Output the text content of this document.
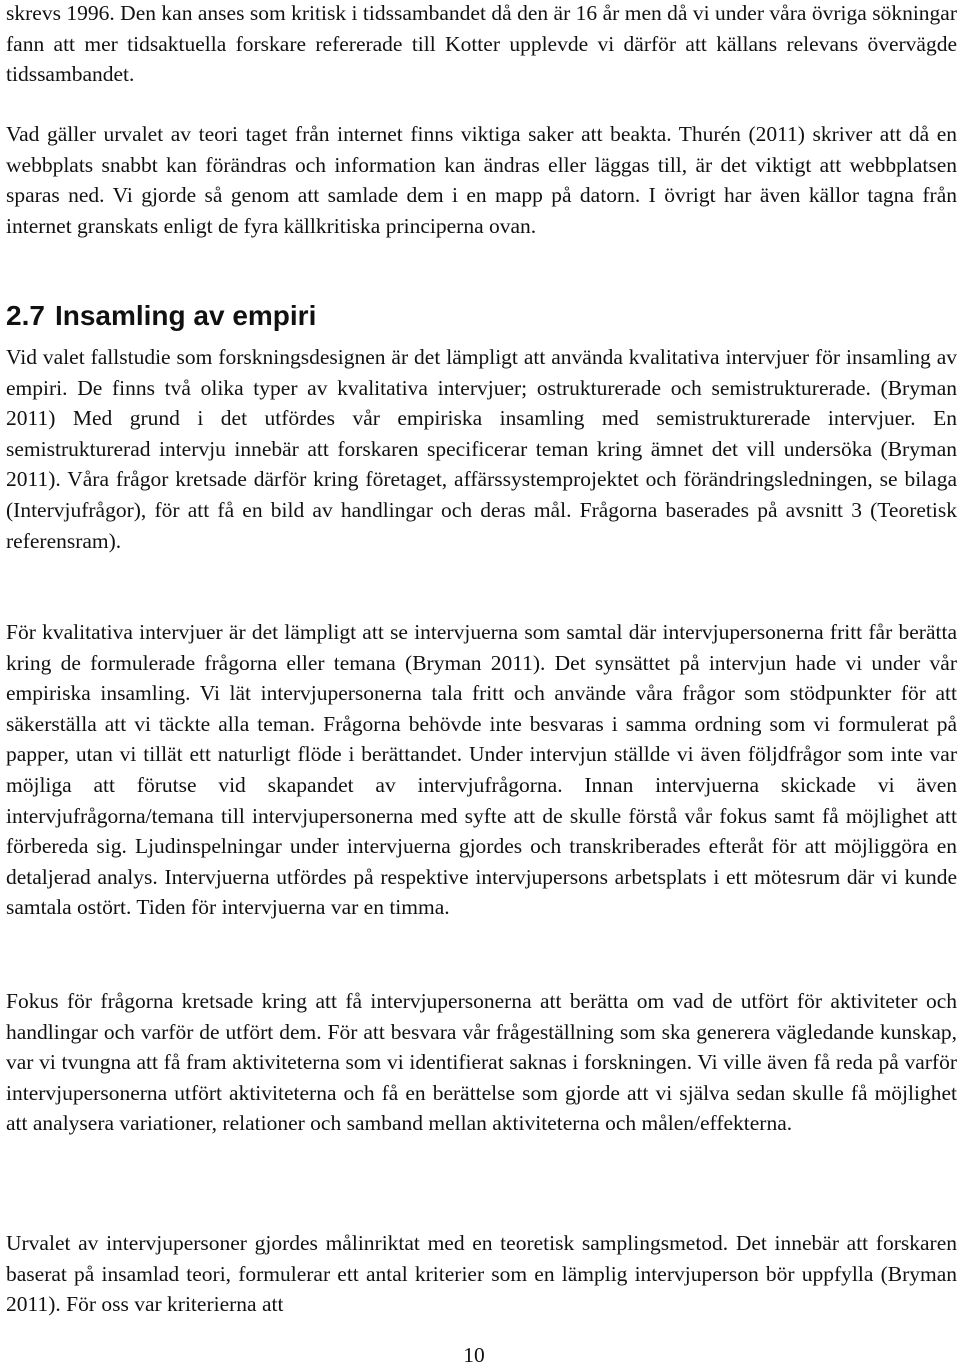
skrevs 1996. Den kan anses som kritisk i tidssambandet då den är 16 år men då vi under våra övriga sökningar fann att mer tidsaktuella forskare refererade till Kotter upplevde vi därför att källans relevans övervägde tidssambandet.

Vad gäller urvalet av teori taget från internet finns viktiga saker att beakta. Thurén (2011) skriver att då en webbplats snabbt kan förändras och information kan ändras eller läggas till, är det viktigt att webbplatsen sparas ned. Vi gjorde så genom att samlade dem i en mapp på datorn. I övrigt har även källor tagna från internet granskats enligt de fyra källkritiska principerna ovan.

2.7 Insamling av empiri

Vid valet fallstudie som forskningsdesignen är det lämpligt att använda kvalitativa intervjuer för insamling av empiri. De finns två olika typer av kvalitativa intervjuer; ostrukturerade och semistrukturerade. (Bryman 2011) Med grund i det utfördes vår empiriska insamling med semistrukturerade intervjuer. En semistrukturerad intervju innebär att forskaren specificerar teman kring ämnet det vill undersöka (Bryman 2011). Våra frågor kretsade därför kring företaget, affärssystemprojektet och förändringsledningen, se bilaga (Intervjufrågor), för att få en bild av handlingar och deras mål. Frågorna baserades på avsnitt 3 (Teoretisk referensram).

För kvalitativa intervjuer är det lämpligt att se intervjuerna som samtal där intervjupersonerna fritt får berätta kring de formulerade frågorna eller temana (Bryman 2011). Det synsättet på intervjun hade vi under vår empiriska insamling. Vi lät intervjupersonerna tala fritt och använde våra frågor som stödpunkter för att säkerställa att vi täckte alla teman. Frågorna behövde inte besvaras i samma ordning som vi formulerat på papper, utan vi tillät ett naturligt flöde i berättandet. Under intervjun ställde vi även följdfrågor som inte var möjliga att förutse vid skapandet av intervjufrågorna. Innan intervjuerna skickade vi även intervjufrågorna/temana till intervjupersonerna med syfte att de skulle förstå vår fokus samt få möjlighet att förbereda sig. Ljudinspelningar under intervjuerna gjordes och transkriberades efteråt för att möjliggöra en detaljerad analys. Intervjuerna utfördes på respektive intervjupersons arbetsplats i ett mötesrum där vi kunde samtala ostört. Tiden för intervjuerna var en timma.

Fokus för frågorna kretsade kring att få intervjupersonerna att berätta om vad de utfört för aktiviteter och handlingar och varför de utfört dem. För att besvara vår frågeställning som ska generera vägledande kunskap, var vi tvungna att få fram aktiviteterna som vi identifierat saknas i forskningen. Vi ville även få reda på varför intervjupersonerna utfört aktiviteterna och få en berättelse som gjorde att vi själva sedan skulle få möjlighet att analysera variationer, relationer och samband mellan aktiviteterna och målen/effekterna.

Urvalet av intervjupersoner gjordes målinriktat med en teoretisk samplingsmetod. Det innebär att forskaren baserat på insamlad teori, formulerar ett antal kriterier som en lämplig intervjuperson bör uppfylla (Bryman 2011). För oss var kriterierna att

10
